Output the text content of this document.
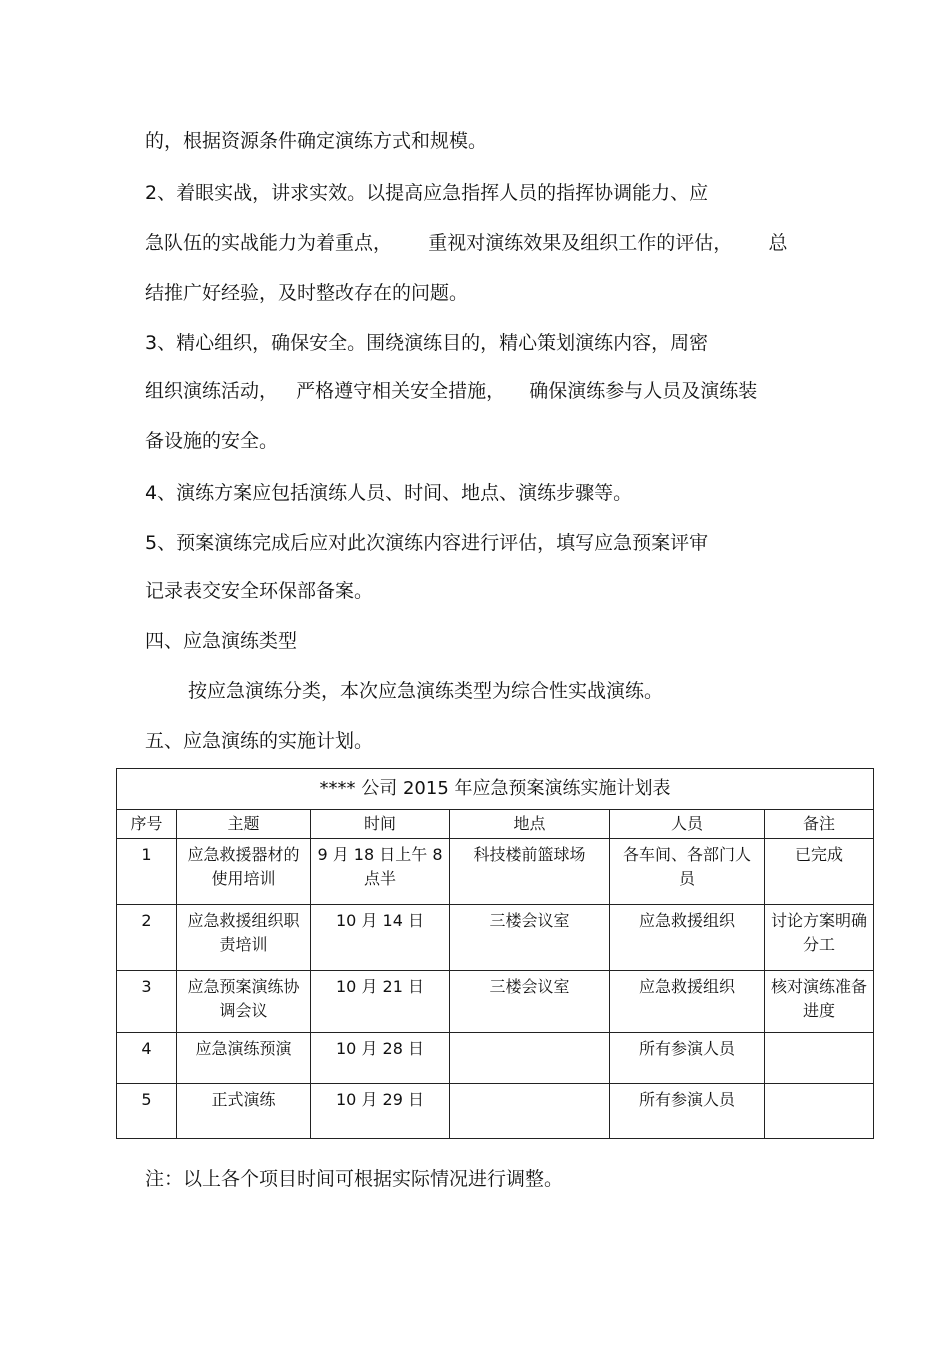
的，根据资源条件确定演练方式和规模。

2、着眼实战，讲求实效。以提高应急指挥人员的指挥协调能力、应

急队伍的实战能力为着重点，      重视对演练效果及组织工作的评估，      总

结推广好经验，及时整改存在的问题。

3、精心组织，确保安全。围绕演练目的，精心策划演练内容，周密

组织演练活动，   严格遵守相关安全措施，    确保演练参与人员及演练装

备设施的安全。

4、演练方案应包括演练人员、时间、地点、演练步骤等。

5、预案演练完成后应对此次演练内容进行评估，填写应急预案评审

记录表交安全环保部备案。

四、应急演练类型

按应急演练分类，本次应急演练类型为综合性实战演练。

五、应急演练的实施计划。

**** 公司 2015 年应急预案演练实施计划表					
序号	主题	时间	地点	人员	备注
1	应急救援器材的使用培训	9 月 18 日上午 8 点半	科技楼前篮球场	各车间、各部门人员	已完成
2	应急救援组织职责培训	10 月 14 日	三楼会议室	应急救援组织	讨论方案明确分工
3	应急预案演练协调会议	10 月 21 日	三楼会议室	应急救援组织	核对演练准备进度
4	应急演练预演	10 月 28 日		所有参演人员	
5	正式演练	10 月 29 日		所有参演人员	

注：以上各个项目时间可根据实际情况进行调整。
